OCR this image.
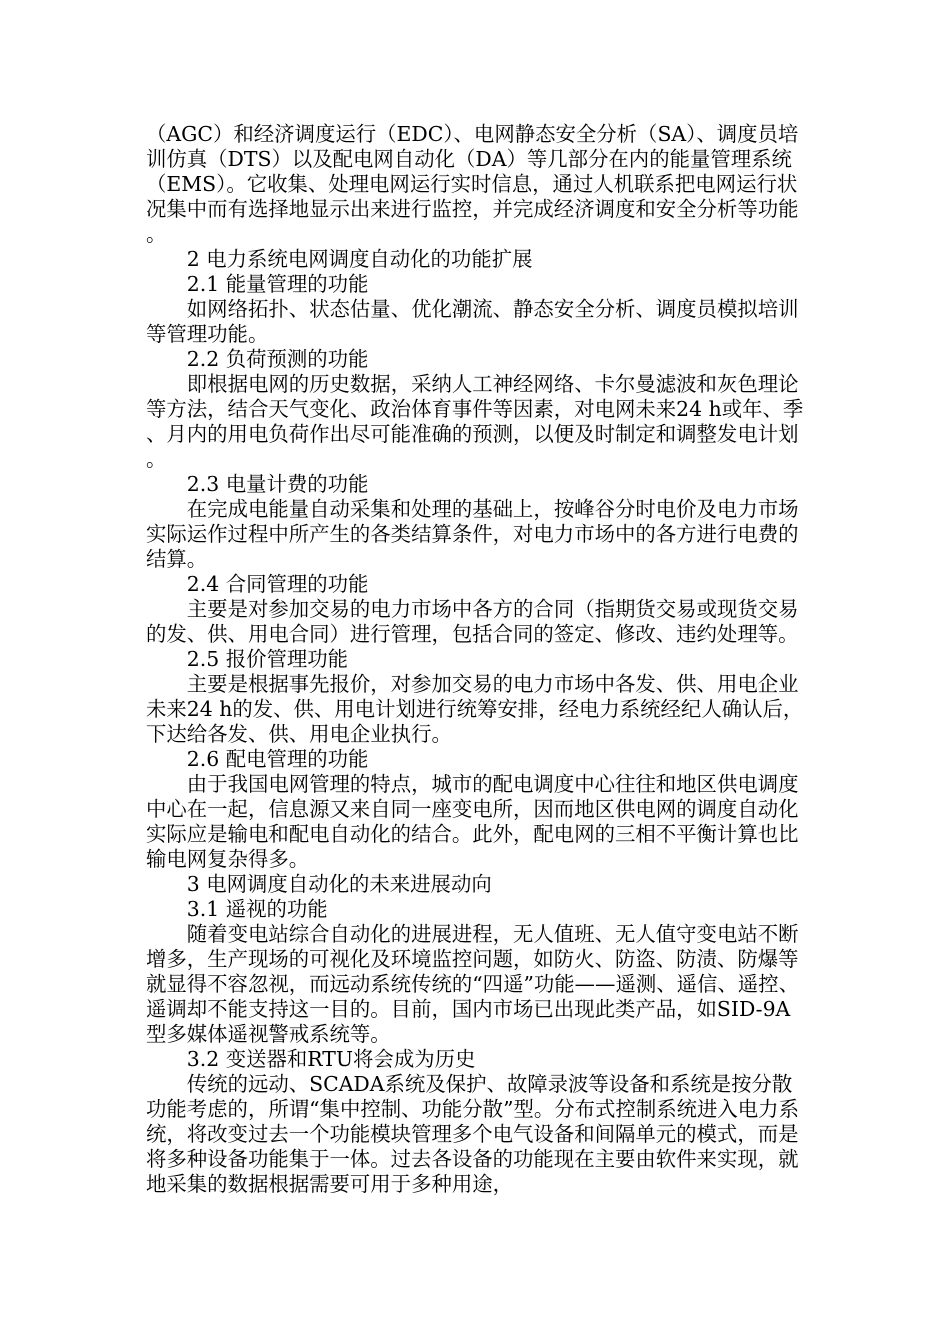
（AGC）和经济调度运行（EDC）、电网静态安全分析（SA）、调度员培训仿真（DTS）以及配电网自动化（DA）等几部分在内的能量管理系统（EMS）。它收集、处理电网运行实时信息，通过人机联系把电网运行状况集中而有选择地显示出来进行监控，并完成经济调度和安全分析等功能。

2 电力系统电网调度自动化的功能扩展

2.1 能量管理的功能

如网络拓扑、状态估量、优化潮流、静态安全分析、调度员模拟培训等管理功能。

2.2 负荷预测的功能

即根据电网的历史数据，采纳人工神经网络、卡尔曼滤波和灰色理论等方法，结合天气变化、政治体育事件等因素，对电网未来24 h或年、季、月内的用电负荷作出尽可能准确的预测，以便及时制定和调整发电计划。

2.3 电量计费的功能

在完成电能量自动采集和处理的基础上，按峰谷分时电价及电力市场实际运作过程中所产生的各类结算条件，对电力市场中的各方进行电费的结算。

2.4 合同管理的功能

主要是对参加交易的电力市场中各方的合同（指期货交易或现货交易的发、供、用电合同）进行管理，包括合同的签定、修改、违约处理等。

2.5 报价管理功能

主要是根据事先报价，对参加交易的电力市场中各发、供、用电企业未来24 h的发、供、用电计划进行统筹安排，经电力系统经纪人确认后，下达给各发、供、用电企业执行。

2.6 配电管理的功能

由于我国电网管理的特点，城市的配电调度中心往往和地区供电调度中心在一起，信息源又来自同一座变电所，因而地区供电网的调度自动化实际应是输电和配电自动化的结合。此外，配电网的三相不平衡计算也比输电网复杂得多。

3 电网调度自动化的未来进展动向

3.1 遥视的功能

随着变电站综合自动化的进展进程，无人值班、无人值守变电站不断增多，生产现场的可视化及环境监控问题，如防火、防盗、防渍、防爆等就显得不容忽视，而远动系统传统的“四遥”功能——遥测、遥信、遥控、遥调却不能支持这一目的。目前，国内市场已出现此类产品，如SID-9A型多媒体遥视警戒系统等。

3.2 变送器和RTU将会成为历史

传统的远动、SCADA系统及保护、故障录波等设备和系统是按分散功能考虑的，所谓“集中控制、功能分散”型。分布式控制系统进入电力系统，将改变过去一个功能模块管理多个电气设备和间隔单元的模式，而是将多种设备功能集于一体。过去各设备的功能现在主要由软件来实现，就地采集的数据根据需要可用于多种用途，
